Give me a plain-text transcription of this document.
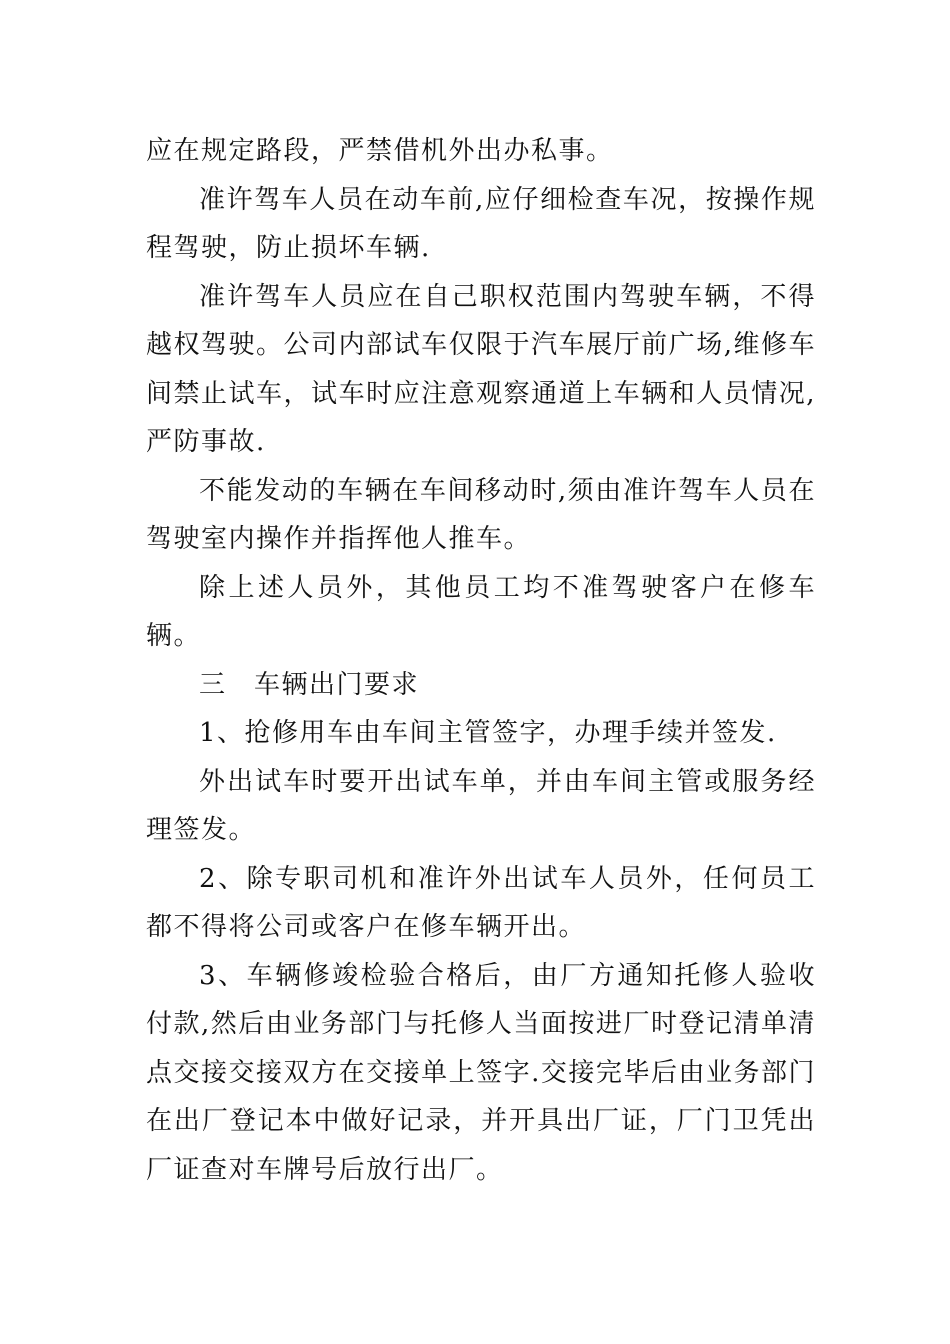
应在规定路段，严禁借机外出办私事。

准许驾车人员在动车前,应仔细检查车况，按操作规程驾驶，防止损坏车辆.

准许驾车人员应在自己职权范围内驾驶车辆，不得越权驾驶。公司内部试车仅限于汽车展厅前广场,维修车间禁止试车，试车时应注意观察通道上车辆和人员情况,严防事故.

不能发动的车辆在车间移动时,须由准许驾车人员在驾驶室内操作并指挥他人推车。

除上述人员外，其他员工均不准驾驶客户在修车辆。

三　车辆出门要求

1、抢修用车由车间主管签字，办理手续并签发.

外出试车时要开出试车单，并由车间主管或服务经理签发。

2、除专职司机和准许外出试车人员外，任何员工都不得将公司或客户在修车辆开出。

3、车辆修竣检验合格后，由厂方通知托修人验收付款,然后由业务部门与托修人当面按进厂时登记清单清点交接交接双方在交接单上签字.交接完毕后由业务部门在出厂登记本中做好记录，并开具出厂证，厂门卫凭出厂证查对车牌号后放行出厂。
